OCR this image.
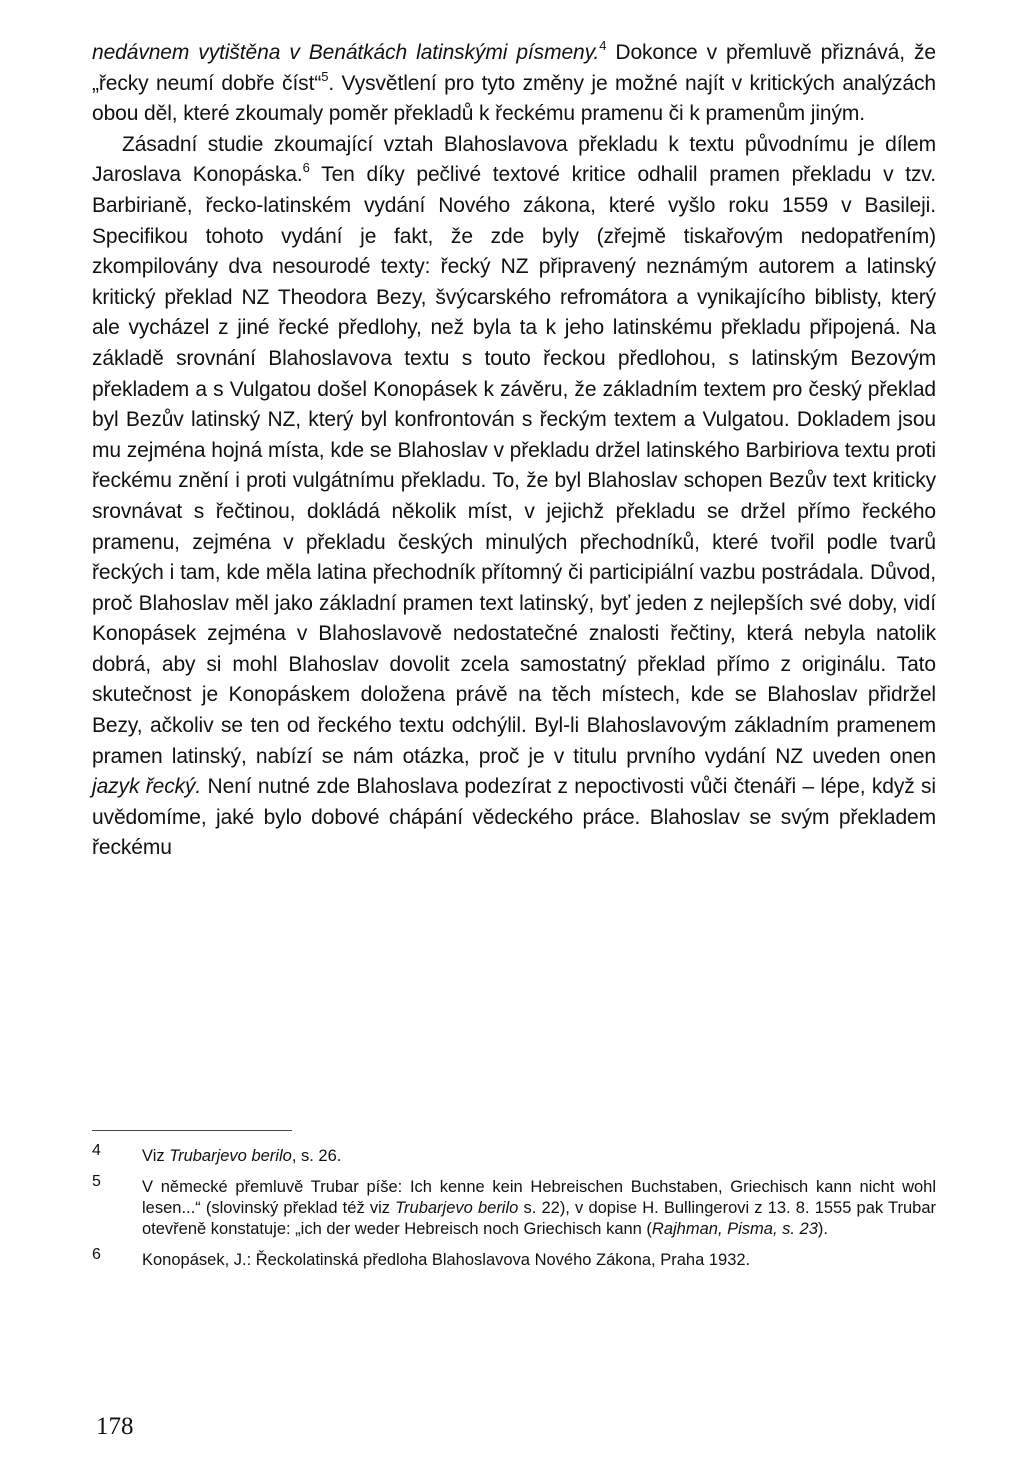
nedávnem vytištěna v Benátkách latinskými písmeny.$^4$ Dokonce v přemluvě přiznává, že „řecky neumí dobře číst“$^5$. Vysvětlení pro tyto změny je možné najít v kritických analýzách obou děl, které zkoumaly poměr překladů k řeckému pramenu či k pramenům jiným.

Zásadní studie zkoumající vztah Blahoslavova překladu k textu původnímu je dílem Jaroslava Konopáska.$^6$ Ten díky pečlivé textové kritice odhalil pramen překladu v tzv. Barbirianě, řecko-latinském vydání Nového zákona, které vyšlo roku 1559 v Basileji. Specifikou tohoto vydání je fakt, že zde byly (zřejmě tiskařovým nedopatřením) zkompilovány dva nesourodé texty: řecký NZ připravený neznámým autorem a latinský kritický překlad NZ Theodora Bezy, švýcarského refromátora a vynikajícího biblisty, který ale vycházel z jiné řecké předlohy, než byla ta k jeho latinskému překladu připojená. Na základě srovnání Blahoslavova textu s touto řeckou předlohou, s latinským Bezovým překladem a s Vulgatou došel Konopásek k závěru, že základním textem pro český překlad byl Bezův latinský NZ, který byl konfrontován s řeckým textem a Vulgatou. Dokladem jsou mu zejména hojná místa, kde se Blahoslav v překladu držel latinského Barbiriova textu proti řeckému znění i proti vulgátnímu překladu. To, že byl Blahoslav schopen Bezův text kriticky srovnávat s řečtinou, dokládá několik míst, v jejichž překladu se držel přímo řeckého pramenu, zejména v překladu českých minulých přechodníků, které tvořil podle tvarů řeckých i tam, kde měla latina přechodník přítomný či participiální vazbu postrádala. Důvod, proč Blahoslav měl jako základní pramen text latinský, byť jeden z nejlepších své doby, vidí Konopásek zejména v Blahoslavově nedostatečné znalosti řečtiny, která nebyla natolik dobrá, aby si mohl Blahoslav dovolit zcela samostatný překlad přímo z originálu. Tato skutečnost je Konopáskem doložena právě na těch místech, kde se Blahoslav přidržel Bezy, ačkoliv se ten od řeckého textu odchýlil. Byl-li Blahoslavovým základním pramenem pramen latinský, nabízí se nám otázka, proč je v titulu prvního vydání NZ uveden onen jazyk řecký. Není nutné zde Blahoslava podezírat z nepoctivosti vůči čtenáři – lépe, když si uvědomíme, jaké bylo dobové chápání vědeckého práce. Blahoslav se svým překladem řeckému

4	Viz Trubarjevo berilo, s. 26.
5	V německé přemluvě Trubar píše: Ich kenne kein Hebreischen Buchstaben, Griechisch kann nicht wohl lesen...“ (slovinský překlad též viz Trubarjevo berilo s. 22), v dopise H. Bullingerovi z 13. 8. 1555 pak Trubar otevřeně konstatuje: „ich der weder Hebreisch noch Griechisch kann (Rajhman, Pisma, s. 23).
6	Konopásek, J.: Řeckolatinská předloha Blahoslavova Nového Zákona, Praha 1932.
178
